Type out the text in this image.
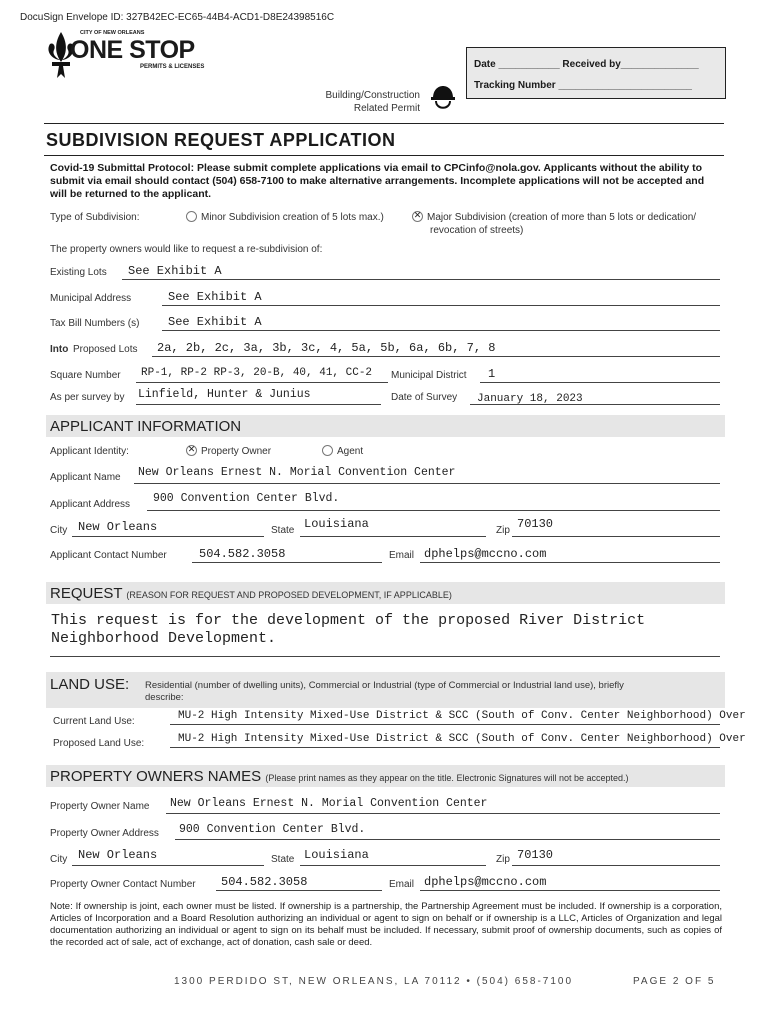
DocuSign Envelope ID: 327B42EC-EC65-44B4-ACD1-D8E24398516C
CITY OF NEW ORLEANS
ONE STOP
PERMITS & LICENSES	Date ___________ Received by______________
Tracking Number ________________________
Building/Construction
Related Permit
SUBDIVISION REQUEST APPLICATION
Covid-19 Submittal Protocol: Please submit complete applications via email to CPCinfo@nola.gov. Applicants without the ability to submit via email should contact (504) 658-7100 to make alternative arrangements. Incomplete applications will not be accepted and will be returned to the applicant.
Type of Subdivision:	Minor Subdivision creation of 5 lots max.) ✕	Major Subdivision (creation of more than 5 lots or dedication/
revocation of streets)
The property owners would like to request a re-subdivision of:
Existing Lots See Exhibit A
Municipal Address	See Exhibit A
Tax Bill Numbers (s) See Exhibit A
Into Proposed Lots 2a, 2b, 2c, 3a, 3b, 3c, 4, 5a, 5b, 6a, 6b, 7, 8
Square Number RP-1, RP-2 RP-3, 20-B, 40, 41, CC-2 Municipal District 1
As per survey by Linfield, Hunter & Junius	Date of Survey January 18, 2023
APPLICANT INFORMATION
Applicant Identity: ✕	Property Owner	Agent
Applicant Name New Orleans Ernest N. Morial Convention Center
Applicant Address 900 Convention Center Blvd.
City New Orleans	State Louisiana	Zip 70130
Applicant Contact Number	504.582.3058	Email dphelps@mccno.com
REQUEST (REASON FOR REQUEST AND PROPOSED DEVELOPMENT, IF APPLICABLE)
This request is for the development of the proposed River District
Neighborhood Development.
LAND USE: Residential (number of dwelling units), Commercial or Industrial (type of Commercial or Industrial land use), briefly
describe:
Current Land Use:	MU-2 High Intensity Mixed-Use District & SCC (South of Conv. Center Neighborhood) Over
Proposed Land Use:	MU-2 High Intensity Mixed-Use District & SCC (South of Conv. Center Neighborhood) Over
PROPERTY OWNERS NAMES (Please print names as they appear on the title. Electronic Signatures will not be accepted.)
Property Owner Name New Orleans Ernest N. Morial Convention Center
Property Owner Address 900 Convention Center Blvd.
City New Orleans	State Louisiana	Zip 70130
Property Owner Contact Number 504.582.3058	Email dphelps@mccno.com
Note: If ownership is joint, each owner must be listed. If ownership is a partnership, the Partnership Agreement must be included. If ownership is a corporation, Articles of Incorporation and a Board Resolution authorizing an individual or agent to sign on behalf or if ownership is a LLC, Articles of Organization and legal documentation authorizing an individual or agent to sign on its behalf must be included. If necessary, submit proof of ownership documents, such as copies of the recorded act of sale, act of exchange, act of donation, cash sale or deed.
1300 PERDIDO ST, NEW ORLEANS, LA 70112 • (504) 658-7100	PAGE 2 OF 5
